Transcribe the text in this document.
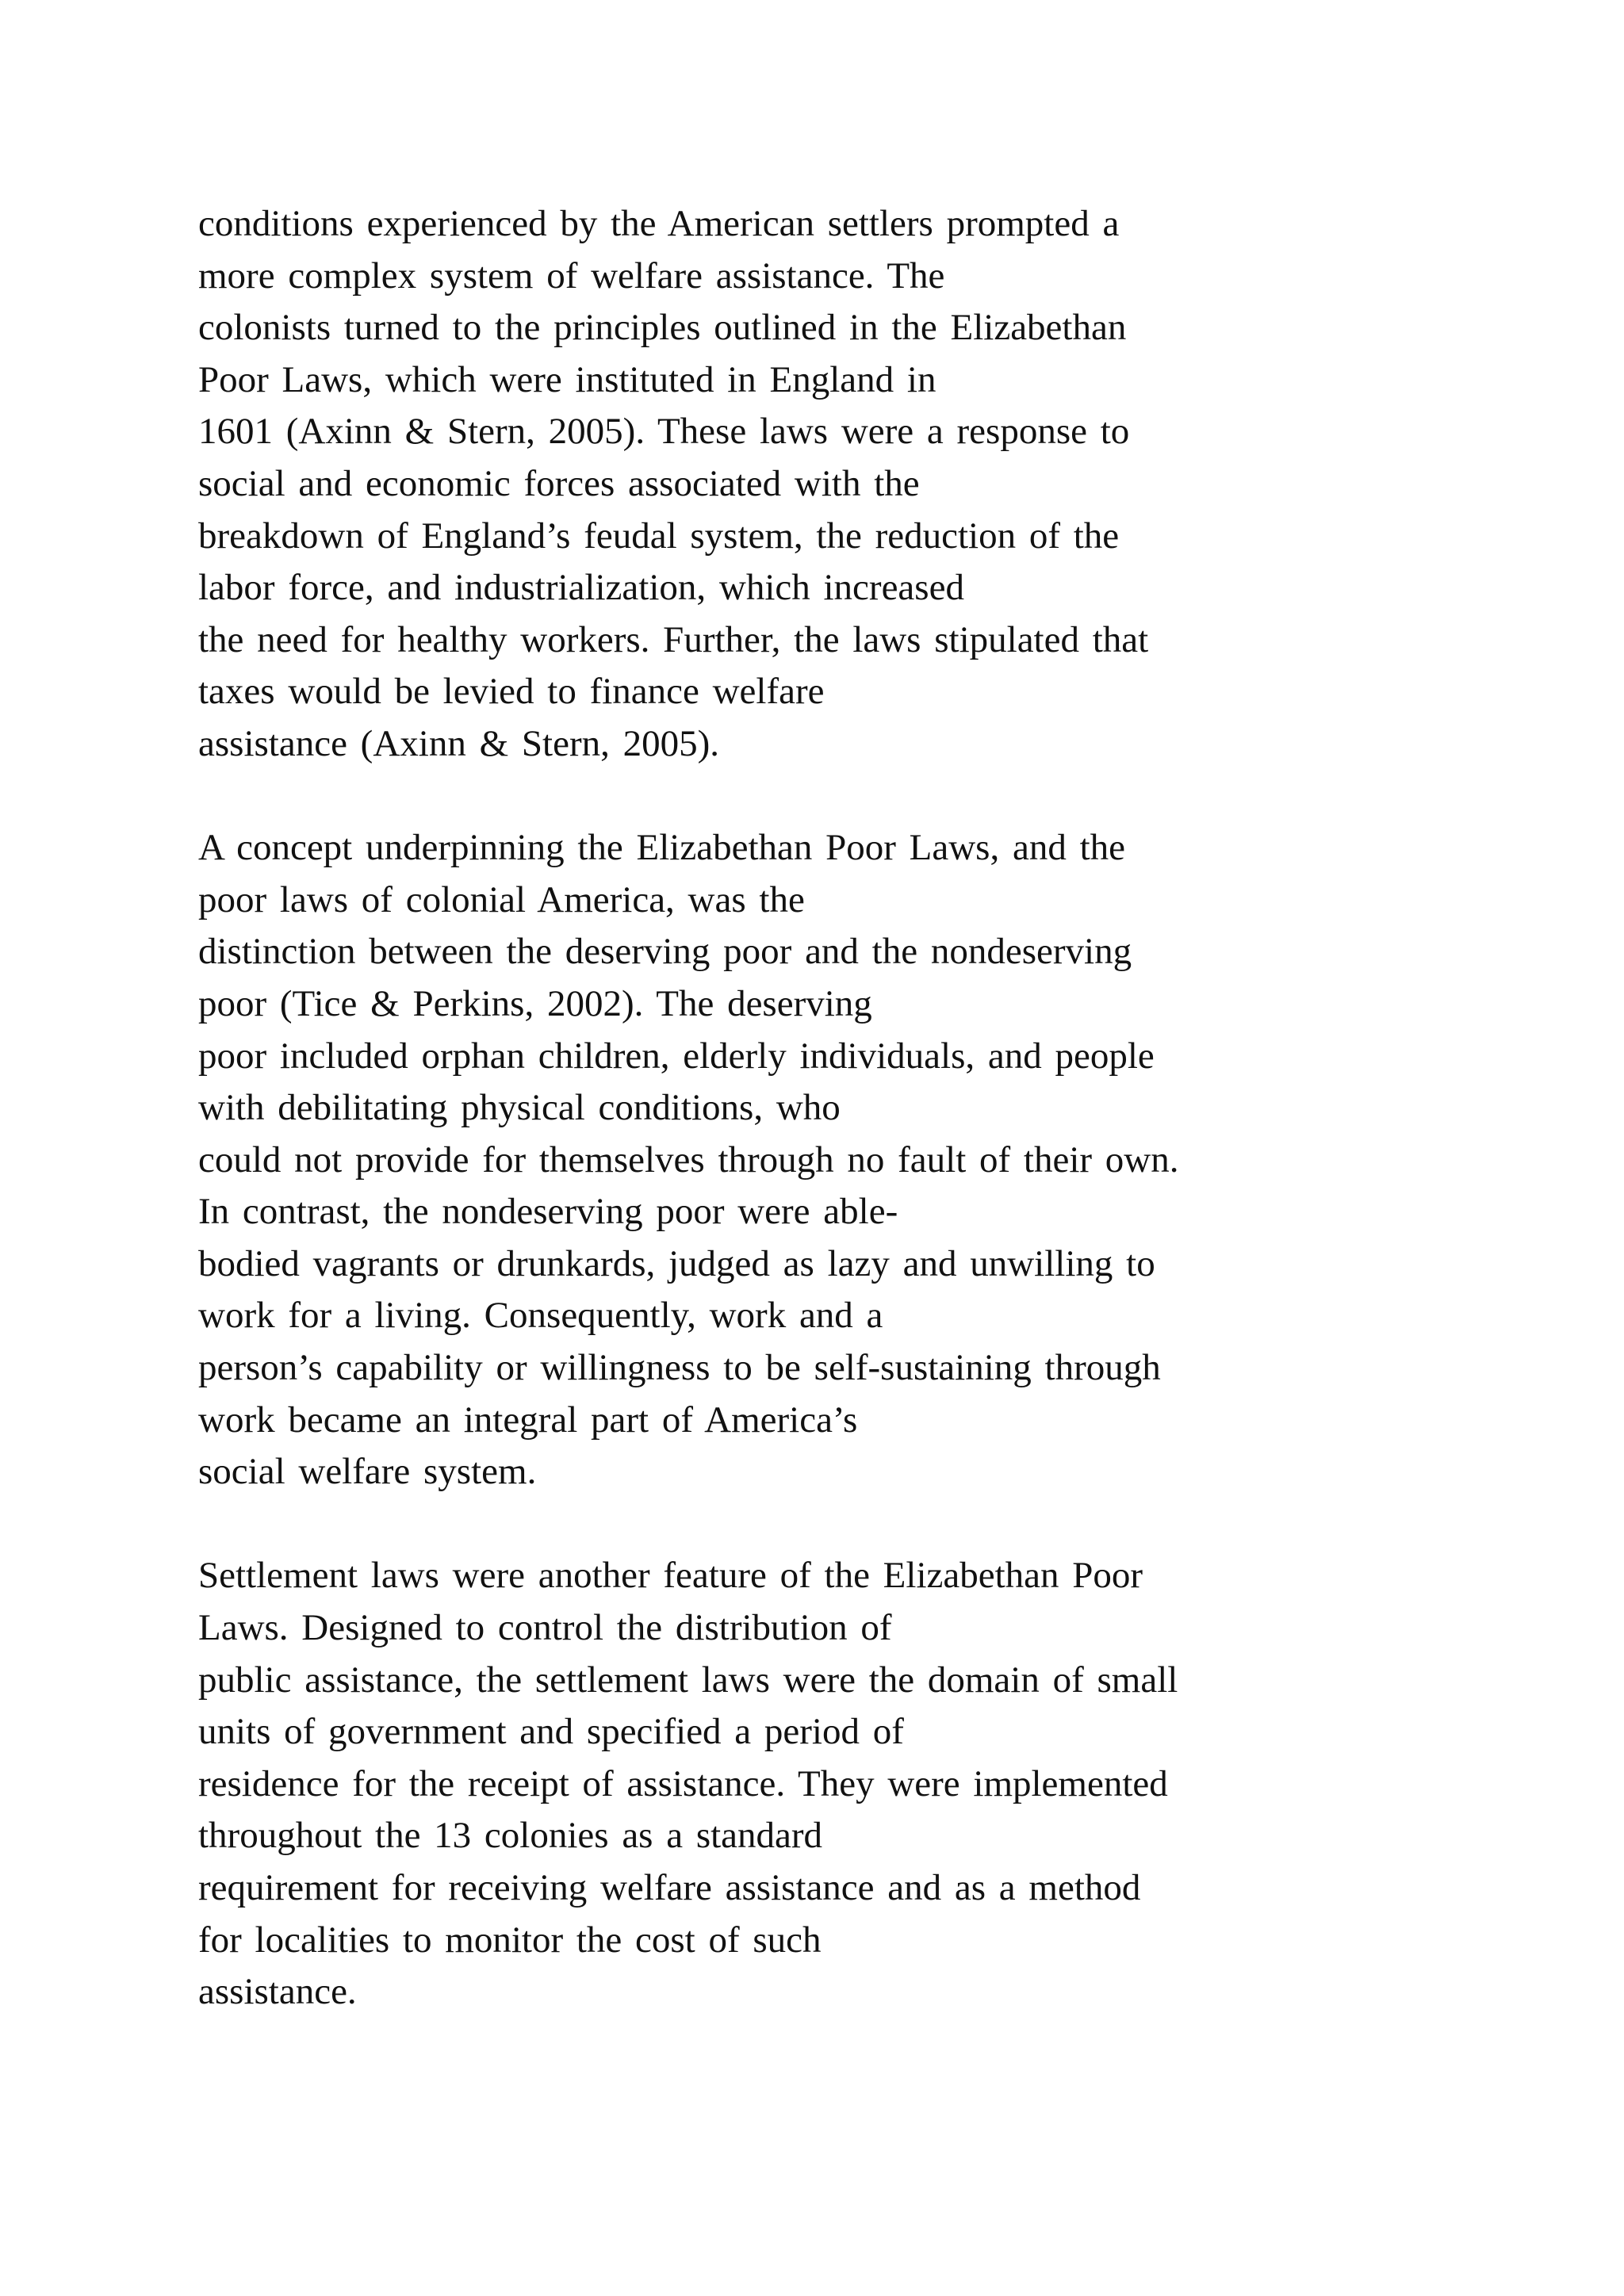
conditions experienced by the American settlers prompted a
more complex system of welfare assistance. The
colonists turned to the principles outlined in the Elizabethan
Poor Laws, which were instituted in England in
1601 (Axinn & Stern, 2005). These laws were a response to
social and economic forces associated with the
breakdown of England’s feudal system, the reduction of the
labor force, and industrialization, which increased
the need for healthy workers. Further, the laws stipulated that
taxes would be levied to finance welfare
assistance (Axinn & Stern, 2005).
A concept underpinning the Elizabethan Poor Laws, and the
poor laws of colonial America, was the
distinction between the deserving poor and the nondeserving
poor (Tice & Perkins, 2002). The deserving
poor included orphan children, elderly individuals, and people
with debilitating physical conditions, who
could not provide for themselves through no fault of their own.
In contrast, the nondeserving poor were able-
bodied vagrants or drunkards, judged as lazy and unwilling to
work for a living. Consequently, work and a
person’s capability or willingness to be self-sustaining through
work became an integral part of America’s
social welfare system.
Settlement laws were another feature of the Elizabethan Poor
Laws. Designed to control the distribution of
public assistance, the settlement laws were the domain of small
units of government and specified a period of
residence for the receipt of assistance. They were implemented
throughout the 13 colonies as a standard
requirement for receiving welfare assistance and as a method
for localities to monitor the cost of such
assistance.
